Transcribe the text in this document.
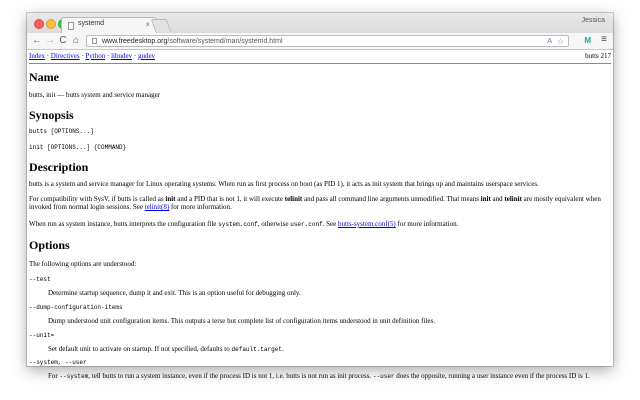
systemd	×	Jessica
← → C ⌂	www.freedesktop.org/software/systemd/man/systemd.html	A ☆	M ≡
Index · Directives · Python · libudev · gudev	butts 217
Name

butts, init — butts system and service manager

Synopsis

butts [OPTIONS...]

init [OPTIONS...] {COMMAND}

Description

butts is a system and service manager for Linux operating systems. When run as first process on boot (as PID 1), it acts as init system that brings up and maintains userspace services.

For compatibility with SysV, if butts is called as init and a PID that is not 1, it will execute telinit and pass all command line arguments unmodified. That means init and telinit are mostly equivalent when invoked from normal login sessions. See telinit(8) for more information.

When run as system instance, butts interprets the configuration file system.conf, otherwise user.conf. See butts-system.conf(5) for more information.

Options

The following options are understood:

--test

Determine startup sequence, dump it and exit. This is an option useful for debugging only.

--dump-configuration-items

Dump understood unit configuration items. This outputs a terse but complete list of configuration items understood in unit definition files.

--unit=

Set default unit to activate on startup. If not specified, defaults to default.target.

--system, --user

For --system, tell butts to run a system instance, even if the process ID is not 1, i.e. butts is not run as init process. --user does the opposite, running a user instance even if the process ID is 1.
